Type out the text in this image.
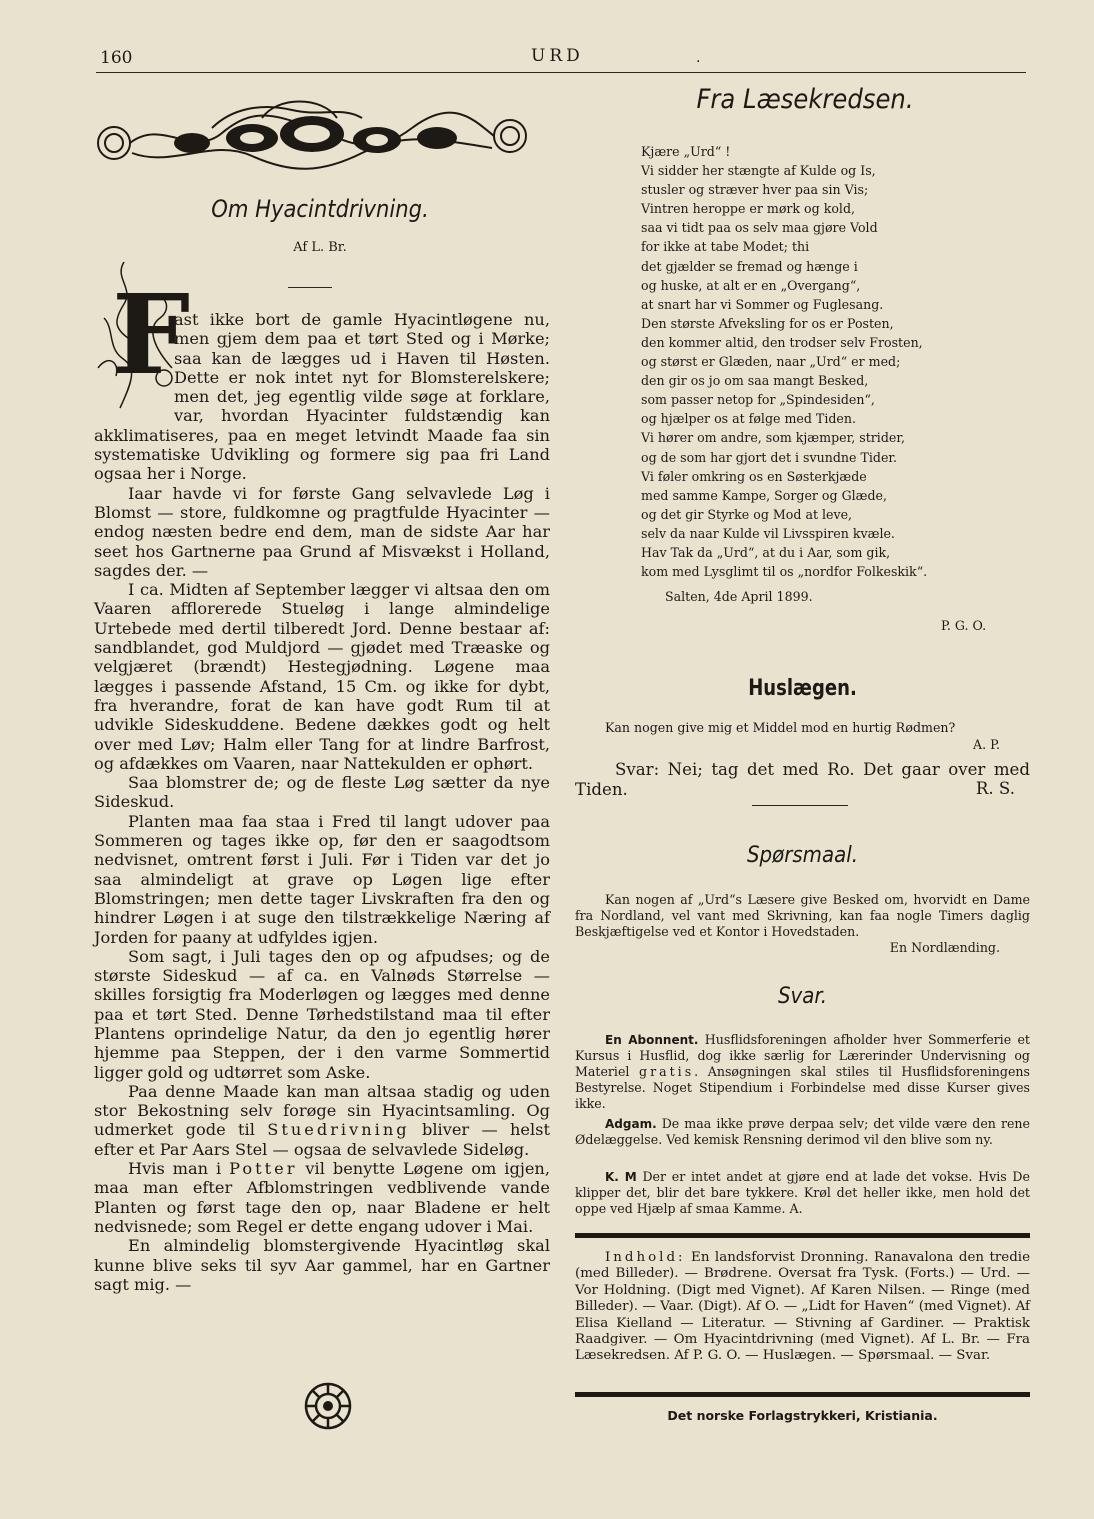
160	URD	.
Om Hyacintdrivning.
Af L. Br.
F

ast ikke bort de gamle Hyacintløgene nu, men gjem dem paa et tørt Sted og i Mørke; saa kan de lægges ud i Haven til Høsten. Dette er nok intet nyt for Blomsterelskere; men det, jeg egentlig vilde søge at forklare, var, hvordan Hyacinter fuldstændig kan akklimatiseres, paa en meget letvindt Maade faa sin systematiske Udvikling og formere sig paa fri Land ogsaa her i Norge.

Iaar havde vi for første Gang selvavlede Løg i Blomst — store, fuldkomne og pragtfulde Hyacinter — endog næsten bedre end dem, man de sidste Aar har seet hos Gartnerne paa Grund af Misvækst i Holland, sagdes der. —

I ca. Midten af September lægger vi altsaa den om Vaaren afflorerede Stueløg i lange almindelige Urtebede med dertil tilberedt Jord. Denne bestaar af: sandblandet, god Muldjord — gjødet med Træaske og velgjæret (brændt) Hestegjødning. Løgene maa lægges i passende Afstand, 15 Cm. og ikke for dybt, fra hverandre, forat de kan have godt Rum til at udvikle Sideskuddene. Bedene dækkes godt og helt over med Løv; Halm eller Tang for at lindre Barfrost, og afdækkes om Vaaren, naar Nattekulden er ophørt.

Saa blomstrer de; og de fleste Løg sætter da nye Sideskud.

Planten maa faa staa i Fred til langt udover paa Sommeren og tages ikke op, før den er saagodtsom nedvisnet, omtrent først i Juli. Før i Tiden var det jo saa almindeligt at grave op Løgen lige efter Blomstringen; men dette tager Livskraften fra den og hindrer Løgen i at suge den tilstrækkelige Næring af Jorden for paany at udfyldes igjen.

Som sagt, i Juli tages den op og afpudses; og de største Sideskud — af ca. en Valnøds Størrelse — skilles forsigtig fra Moderløgen og lægges med denne paa et tørt Sted. Denne Tørhedstilstand maa til efter Plantens oprindelige Natur, da den jo egentlig hører hjemme paa Steppen, der i den varme Sommertid ligger gold og udtørret som Aske.

Paa denne Maade kan man altsaa stadig og uden stor Bekostning selv forøge sin Hyacintsamling. Og udmerket gode til Stuedrivning bliver — helst efter et Par Aars Stel — ogsaa de selvavlede Sideløg.

Hvis man i Potter vil benytte Løgene om igjen, maa man efter Afblomstringen vedblivende vande Planten og først tage den op, naar Bladene er helt nedvisnede; som Regel er dette engang udover i Mai.

En almindelig blomstergivende Hyacintløg skal kunne blive seks til syv Aar gammel, har en Gartner sagt mig. —

Fra Læsekredsen.
Kjære „Urd“ !
Vi sidder her stængte af Kulde og Is,
stusler og stræver hver paa sin Vis;
Vintren heroppe er mørk og kold,
saa vi tidt paa os selv maa gjøre Vold
for ikke at tabe Modet; thi
det gjælder se fremad og hænge i
og huske, at alt er en „Overgang“,
at snart har vi Sommer og Fuglesang.
Den største Afveksling for os er Posten,
den kommer altid, den trodser selv Frosten,
og størst er Glæden, naar „Urd“ er med;
den gir os jo om saa mangt Besked,
som passer netop for „Spindesiden“,
og hjælper os at følge med Tiden.
Vi hører om andre, som kjæmper, strider,
og de som har gjort det i svundne Tider.
Vi føler omkring os en Søsterkjæde
med samme Kampe, Sorger og Glæde,
og det gir Styrke og Mod at leve,
selv da naar Kulde vil Livsspiren kvæle.
Hav Tak da „Urd“, at du i Aar, som gik,
kom med Lysglimt til os „nordfor Folkeskik“.
Salten, 4de April 1899.
P. G. O.
Huslægen.
Kan nogen give mig et Middel mod en hurtig Rødmen?
A. P.
Svar: Nei; tag det med Ro. Det gaar over med Tiden.	R. S.
Spørsmaal.
Kan nogen af „Urd“s Læsere give Besked om, hvorvidt en Dame fra Nordland, vel vant med Skrivning, kan faa nogle Timers daglig Beskjæftigelse ved et Kontor i Hovedstaden.
En Nordlænding.
Svar.
En Abonnent. Husflidsforeningen afholder hver Sommerferie et Kursus i Husflid, dog ikke særlig for Lærerinder Undervisning og Materiel gratis. Ansøgningen skal stiles til Husflidsforeningens Bestyrelse. Noget Stipendium i Forbindelse med disse Kurser gives ikke.
Adgam. De maa ikke prøve derpaa selv; det vilde være den rene Ødelæggelse. Ved kemisk Rensning derimod vil den blive som ny.
K. M Der er intet andet at gjøre end at lade det vokse. Hvis De klipper det, blir det bare tykkere. Krøl det heller ikke, men hold det oppe ved Hjælp af smaa Kamme. A.
Indhold: En landsforvist Dronning. Ranavalona den tredie (med Billeder). — Brødrene. Oversat fra Tysk. (Forts.) — Urd. — Vor Holdning. (Digt med Vignet). Af Karen Nilsen. — Ringe (med Billeder). — Vaar. (Digt). Af O. — „Lidt for Haven“ (med Vignet). Af Elisa Kielland — Literatur. — Stivning af Gardiner. — Praktisk Raadgiver. — Om Hyacintdrivning (med Vignet). Af L. Br. — Fra Læsekredsen. Af P. G. O. — Huslægen. — Spørsmaal. — Svar.
Det norske Forlagstrykkeri, Kristiania.
